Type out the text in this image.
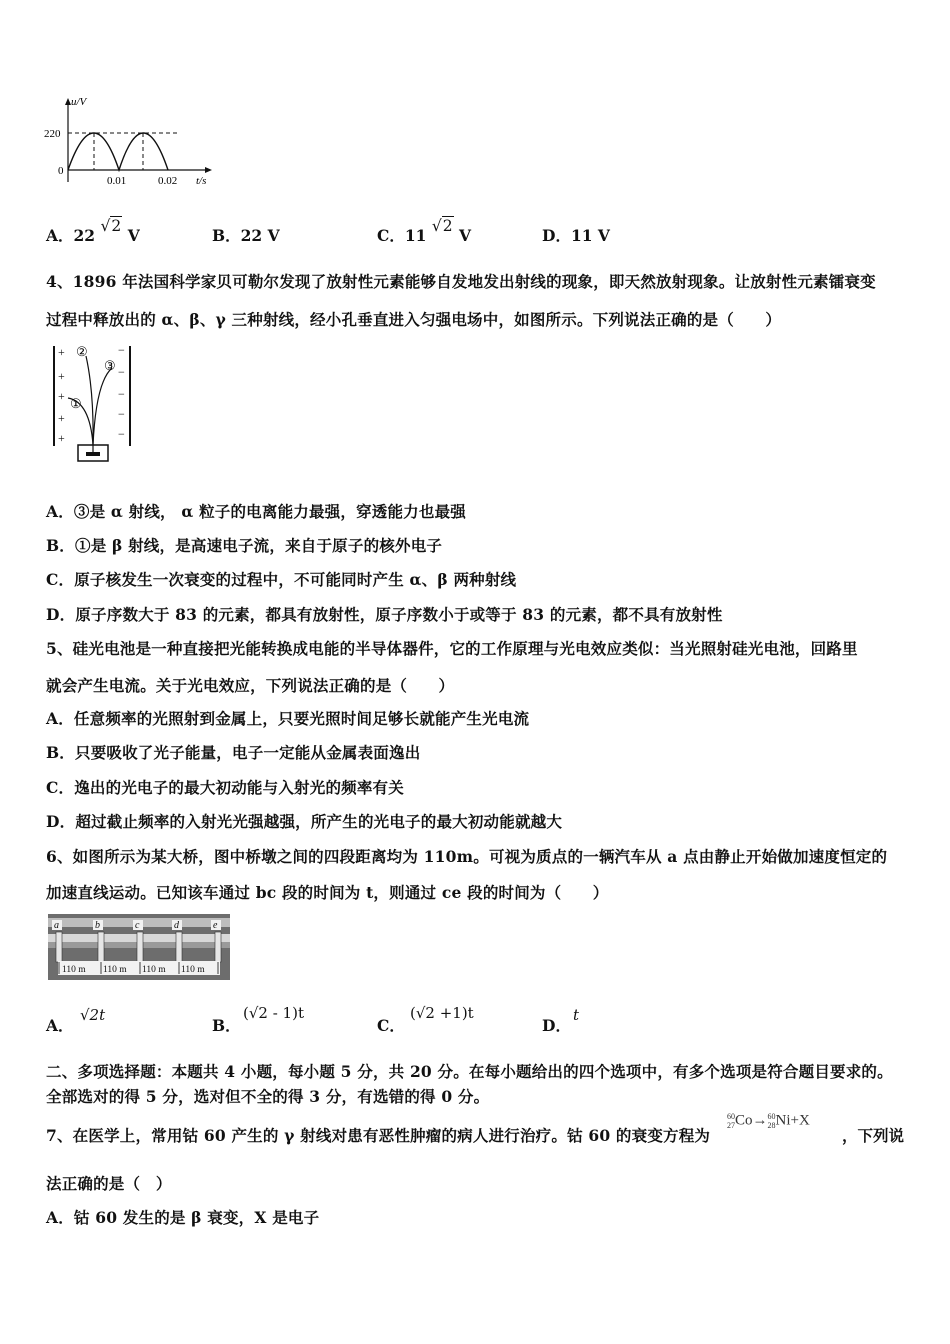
u/V
220
0
0.01	0.02 t/s
A．22 √2 V	B．22 V	C．11 √2 V	D．11 V
4、1896 年法国科学家贝可勒尔发现了放射性元素能够自发地发出射线的现象，即天然放射现象。让放射性元素镭衰变
过程中释放出的 α、β、γ 三种射线，经小孔垂直进入匀强电场中，如图所示。下列说法正确的是（　　）
+
+
+
+
+
−
−
−
−
−
①
②
③
A．③是 α 射线， α 粒子的电离能力最强，穿透能力也最强
B．①是 β 射线，是高速电子流，来自于原子的核外电子
C．原子核发生一次衰变的过程中，不可能同时产生 α、β 两种射线
D．原子序数大于 83 的元素，都具有放射性，原子序数小于或等于 83 的元素，都不具有放射性
5、硅光电池是一种直接把光能转换成电能的半导体器件，它的工作原理与光电效应类似：当光照射硅光电池，回路里
就会产生电流。关于光电效应，下列说法正确的是（　　）
A．任意频率的光照射到金属上，只要光照时间足够长就能产生光电流
B．只要吸收了光子能量，电子一定能从金属表面逸出
C．逸出的光电子的最大初动能与入射光的频率有关
D．超过截止频率的入射光光强越强，所产生的光电子的最大初动能就越大
6、如图所示为某大桥，图中桥墩之间的四段距离均为 110m。可视为质点的一辆汽车从 a 点由静止开始做加速度恒定的
加速直线运动。已知该车通过 bc 段的时间为 t，则通过 ce 段的时间为（　　）
a	b	c	d	e
110 m 110 m 110 m 110 m
A．
√2t
B．
(√2 - 1)t
C．
(√2 +1)t
D．
t
二、多项选择题：本题共 4 小题，每小题 5 分，共 20 分。在每小题给出的四个选项中，有多个选项是符合题目要求的。
全部选对的得 5 分，选对但不全的得 3 分，有选错的得 0 分。
7、在医学上，常用钴 60 产生的 γ 射线对患有恶性肿瘤的病人进行治疗。钴 60 的衰变方程为
60
27Co→60
28Ni+X
，下列说
法正确的是（　）
A．钴 60 发生的是 β 衰变，X 是电子
